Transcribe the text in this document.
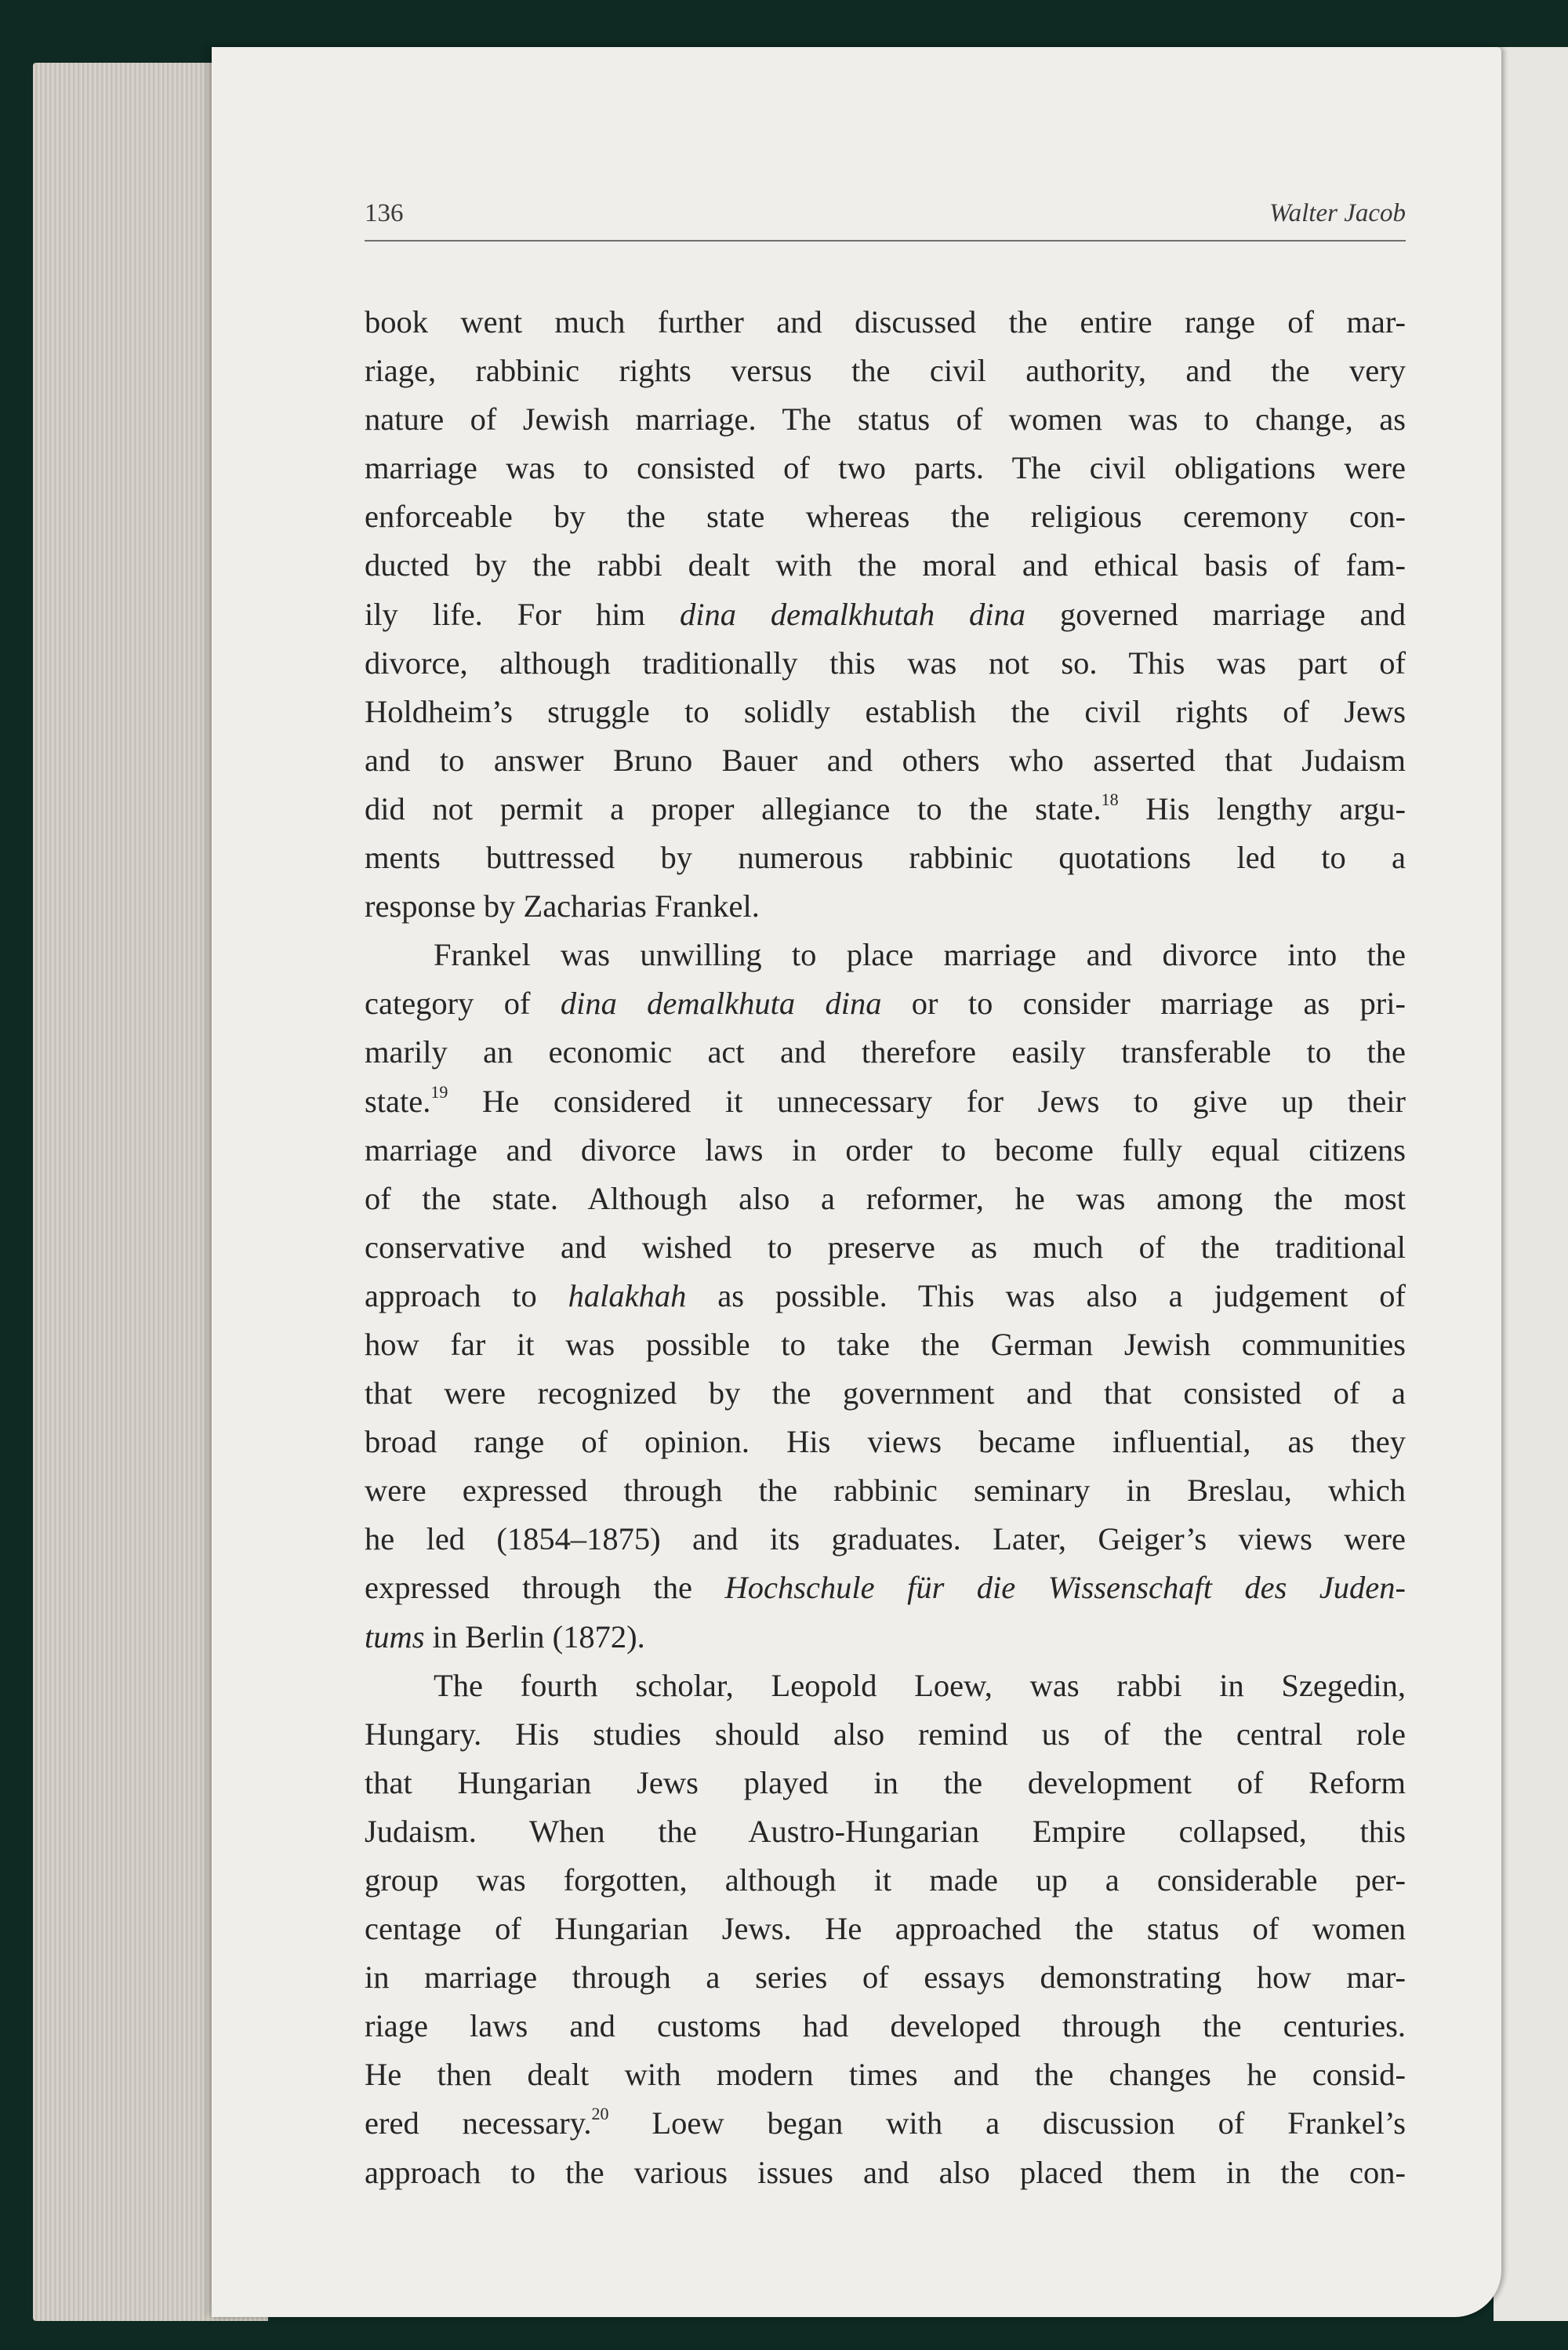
136	Walter Jacob
book went much further and discussed the entire range of mar-
riage, rabbinic rights versus the civil authority, and the very
nature of Jewish marriage. The status of women was to change, as
marriage was to consisted of two parts. The civil obligations were
enforceable by the state whereas the religious ceremony con-
ducted by the rabbi dealt with the moral and ethical basis of fam-
ily life. For him dina demalkhutah dina governed marriage and
divorce, although traditionally this was not so. This was part of
Holdheim’s struggle to solidly establish the civil rights of Jews
and to answer Bruno Bauer and others who asserted that Judaism
did not permit a proper allegiance to the state.$^{18}$ His lengthy argu-
ments buttressed by numerous rabbinic quotations led to a
response by Zacharias Frankel.
Frankel was unwilling to place marriage and divorce into the
category of dina demalkhuta dina or to consider marriage as pri-
marily an economic act and therefore easily transferable to the
state.$^{19}$ He considered it unnecessary for Jews to give up their
marriage and divorce laws in order to become fully equal citizens
of the state. Although also a reformer, he was among the most
conservative and wished to preserve as much of the traditional
approach to halakhah as possible. This was also a judgement of
how far it was possible to take the German Jewish communities
that were recognized by the government and that consisted of a
broad range of opinion. His views became influential, as they
were expressed through the rabbinic seminary in Breslau, which
he led (1854–1875) and its graduates. Later, Geiger’s views were
expressed through the Hochschule für die Wissenschaft des Juden-
tums in Berlin (1872).
The fourth scholar, Leopold Loew, was rabbi in Szegedin,
Hungary. His studies should also remind us of the central role
that Hungarian Jews played in the development of Reform
Judaism. When the Austro-Hungarian Empire collapsed, this
group was forgotten, although it made up a considerable per-
centage of Hungarian Jews. He approached the status of women
in marriage through a series of essays demonstrating how mar-
riage laws and customs had developed through the centuries.
He then dealt with modern times and the changes he consid-
ered necessary.$^{20}$ Loew began with a discussion of Frankel’s
approach to the various issues and also placed them in the con-
